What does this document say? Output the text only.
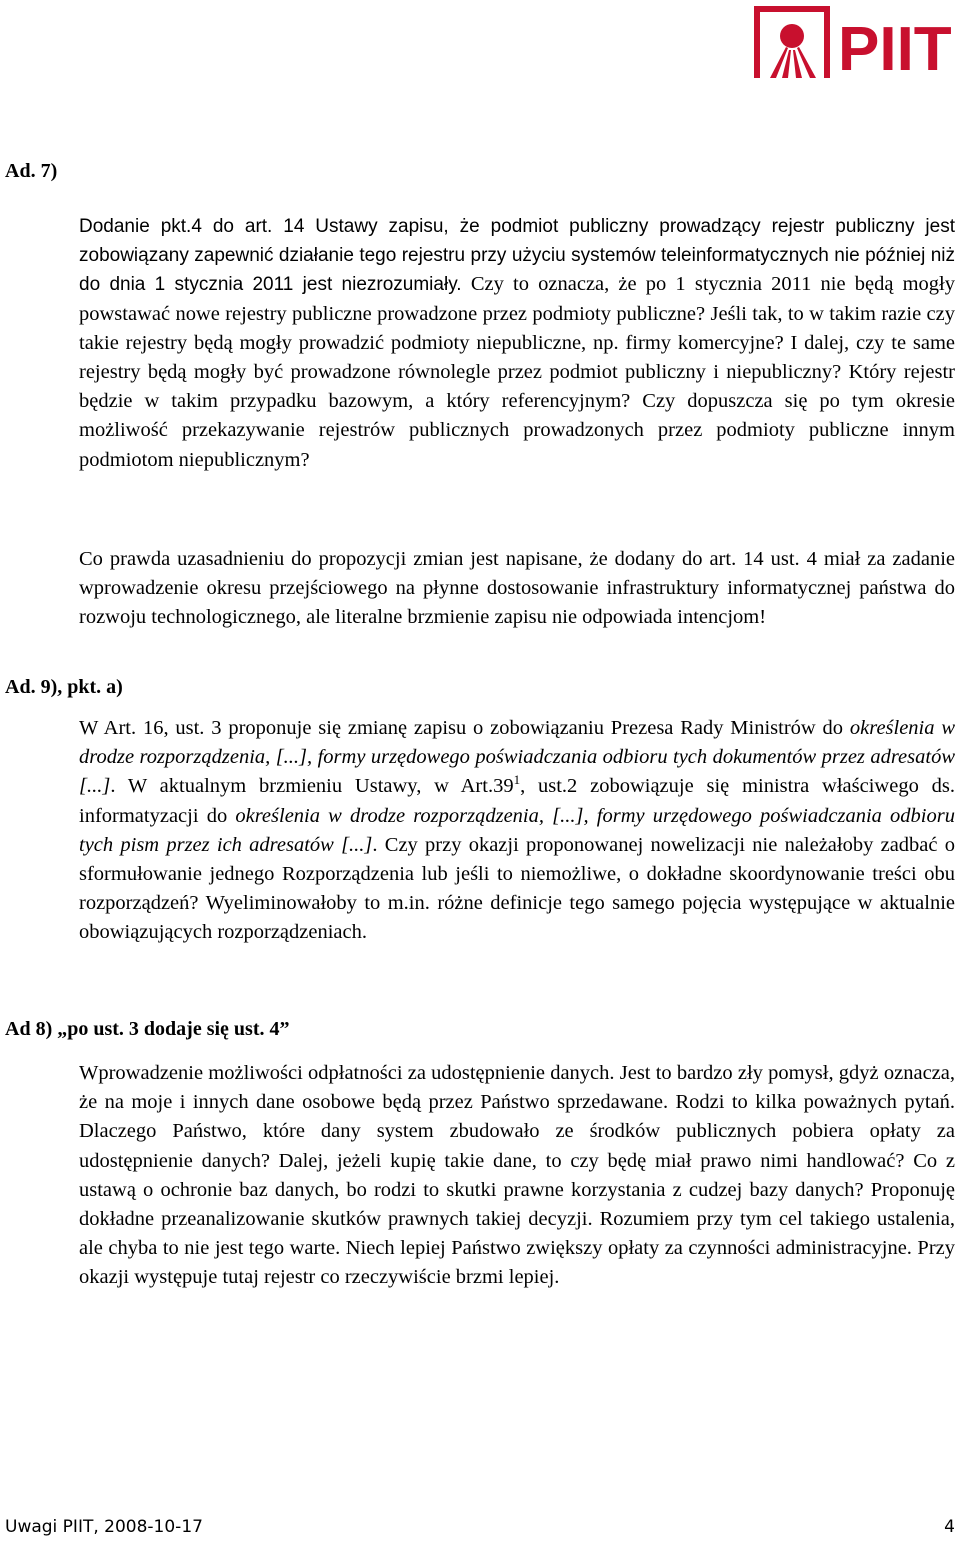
PIIT
Ad. 7)

Dodanie pkt.4 do art. 14 Ustawy zapisu, że podmiot publiczny prowadzący rejestr publiczny jest zobowiązany zapewnić działanie tego rejestru przy użyciu systemów teleinformatycznych nie później niż do dnia 1 stycznia 2011 jest niezrozumiały. Czy to oznacza, że po 1 stycznia 2011 nie będą mogły powstawać nowe rejestry publiczne prowadzone przez podmioty publiczne? Jeśli tak, to w takim razie czy takie rejestry będą mogły prowadzić podmioty niepubliczne, np. firmy komercyjne? I dalej, czy te same rejestry będą mogły być prowadzone równolegle przez podmiot publiczny i niepubliczny? Który rejestr będzie w takim przypadku bazowym, a który referencyjnym? Czy dopuszcza się po tym okresie możliwość przekazywanie rejestrów publicznych prowadzonych przez podmioty publiczne innym podmiotom niepublicznym?

Co prawda uzasadnieniu do propozycji zmian jest napisane, że dodany do art. 14 ust. 4 miał za zadanie wprowadzenie okresu przejściowego na płynne dostosowanie infrastruktury informatycznej państwa do rozwoju technologicznego, ale literalne brzmienie zapisu nie odpowiada intencjom!

Ad. 9), pkt. a)

W Art. 16, ust. 3 proponuje się zmianę zapisu o zobowiązaniu Prezesa Rady Ministrów do określenia w drodze rozporządzenia, [...], formy urzędowego poświadczania odbioru tych dokumentów przez adresatów [...]. W aktualnym brzmieniu Ustawy, w $Art.39^1$, ust.2 zobowiązuje się ministra właściwego ds. informatyzacji do określenia w drodze rozporządzenia, [...], formy urzędowego poświadczania odbioru tych pism przez ich adresatów [...]. Czy przy okazji proponowanej nowelizacji nie należałoby zadbać o sformułowanie jednego Rozporządzenia lub jeśli to niemożliwe, o dokładne skoordynowanie treści obu rozporządzeń? Wyeliminowałoby to m.in. różne definicje tego samego pojęcia występujące w aktualnie obowiązujących rozporządzeniach.

Ad 8) „po ust. 3 dodaje się ust. 4”

Wprowadzenie możliwości odpłatności za udostępnienie danych. Jest to bardzo zły pomysł, gdyż oznacza, że na moje i innych dane osobowe będą przez Państwo sprzedawane. Rodzi to kilka poważnych pytań. Dlaczego Państwo, które dany system zbudowało ze środków publicznych pobiera opłaty za udostępnienie danych? Dalej, jeżeli kupię takie dane, to czy będę miał prawo nimi handlować? Co z ustawą o ochronie baz danych, bo rodzi to skutki prawne korzystania z cudzej bazy danych? Proponuję dokładne przeanalizowanie skutków prawnych takiej decyzji. Rozumiem przy tym cel takiego ustalenia, ale chyba to nie jest tego warte. Niech lepiej Państwo zwiększy opłaty za czynności administracyjne. Przy okazji występuje tutaj rejestr co rzeczywiście brzmi lepiej.

Uwagi PIIT, 2008-10-17	4
